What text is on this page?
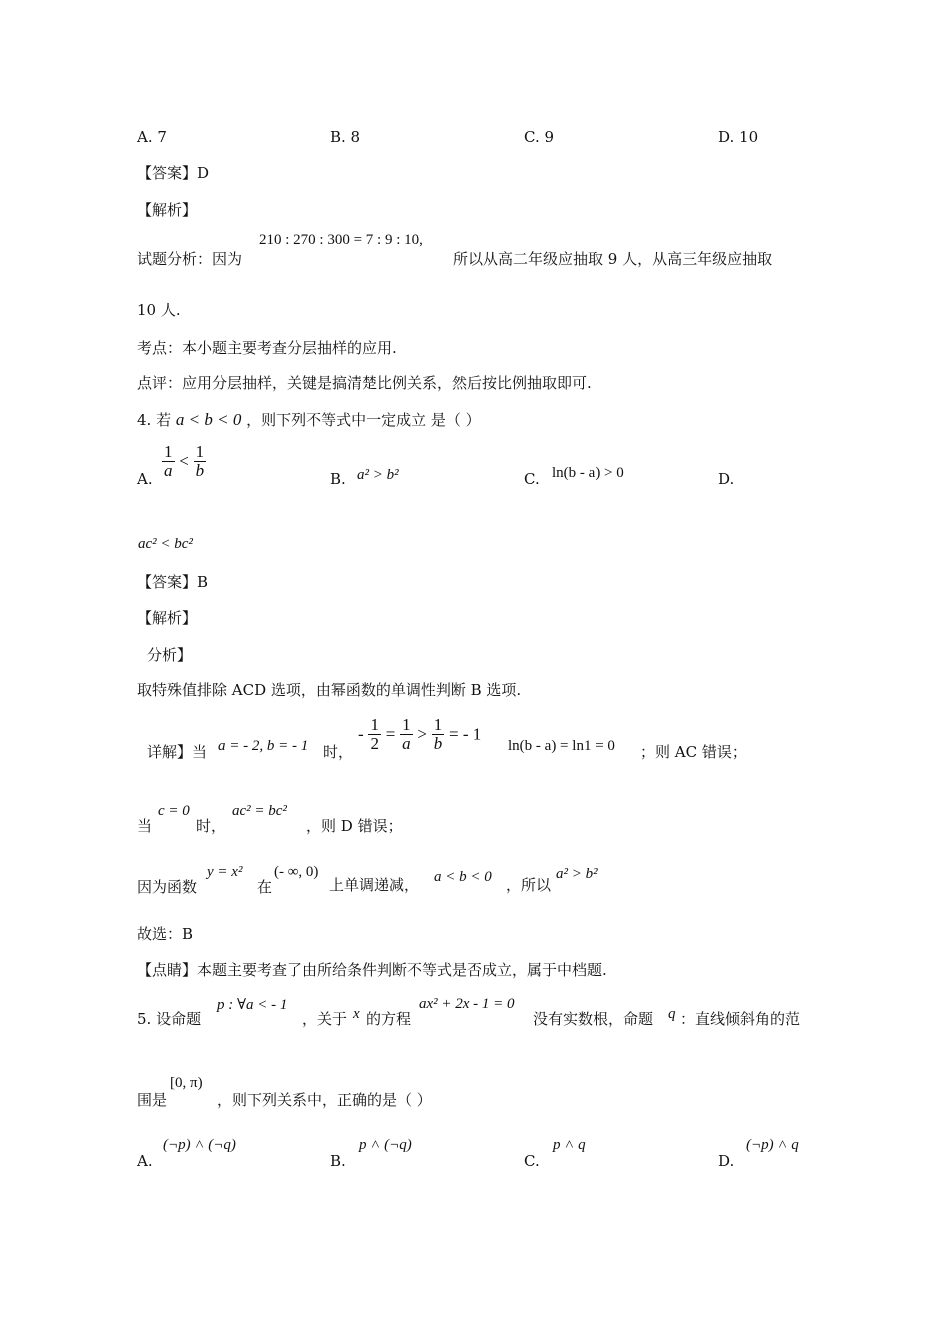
A. 7	B. 8	C. 9	D. 10
【答案】D
【解析】
试题分析：因为
210 : 270 : 300 = 7 : 9 : 10,
所以从高二年级应抽取 9 人，从高三年级应抽取
10 人.
考点：本小题主要考查分层抽样的应用.
点评：应用分层抽样，关键是搞清楚比例关系，然后按比例抽取即可.
4. 若 a < b < 0 ，则下列不等式中一定成立 是（ ）
A. $\frac{1}{a} < \frac{1}{b}$	B. a² > b²	C. ln(b - a) > 0	D.
ac² < bc²
【答案】B
【解析】
分析】
取特殊值排除 ACD 选项，由幂函数的单调性判断 B 选项.
详解】当 a = - 2, b = - 1 时，
- $\frac{1}{2} = \frac{1}{a} > \frac{1}{b}$ = - 1
ln(b - a) = ln1 = 0 ；则 AC 错误；
当
c = 0
时，
ac² = bc²
，则 D 错误；
因为函数
y = x²
在
(- ∞, 0)
上单调递减， a < b < 0 ，所以
a² > b²
故选：B
【点睛】本题主要考查了由所给条件判断不等式是否成立，属于中档题.
5. 设命题
p : ∀a < - 1
，关于 x 的方程
ax² + 2x - 1 = 0
没有实数根，命题 q ：直线倾斜角的范
围是
[0, π)
，则下列关系中，正确的是（ ）
A.
(¬p) ˄ (¬q)
B.
p ˄ (¬q)
C.
p ˄ q
D.
(¬p) ˄ q
